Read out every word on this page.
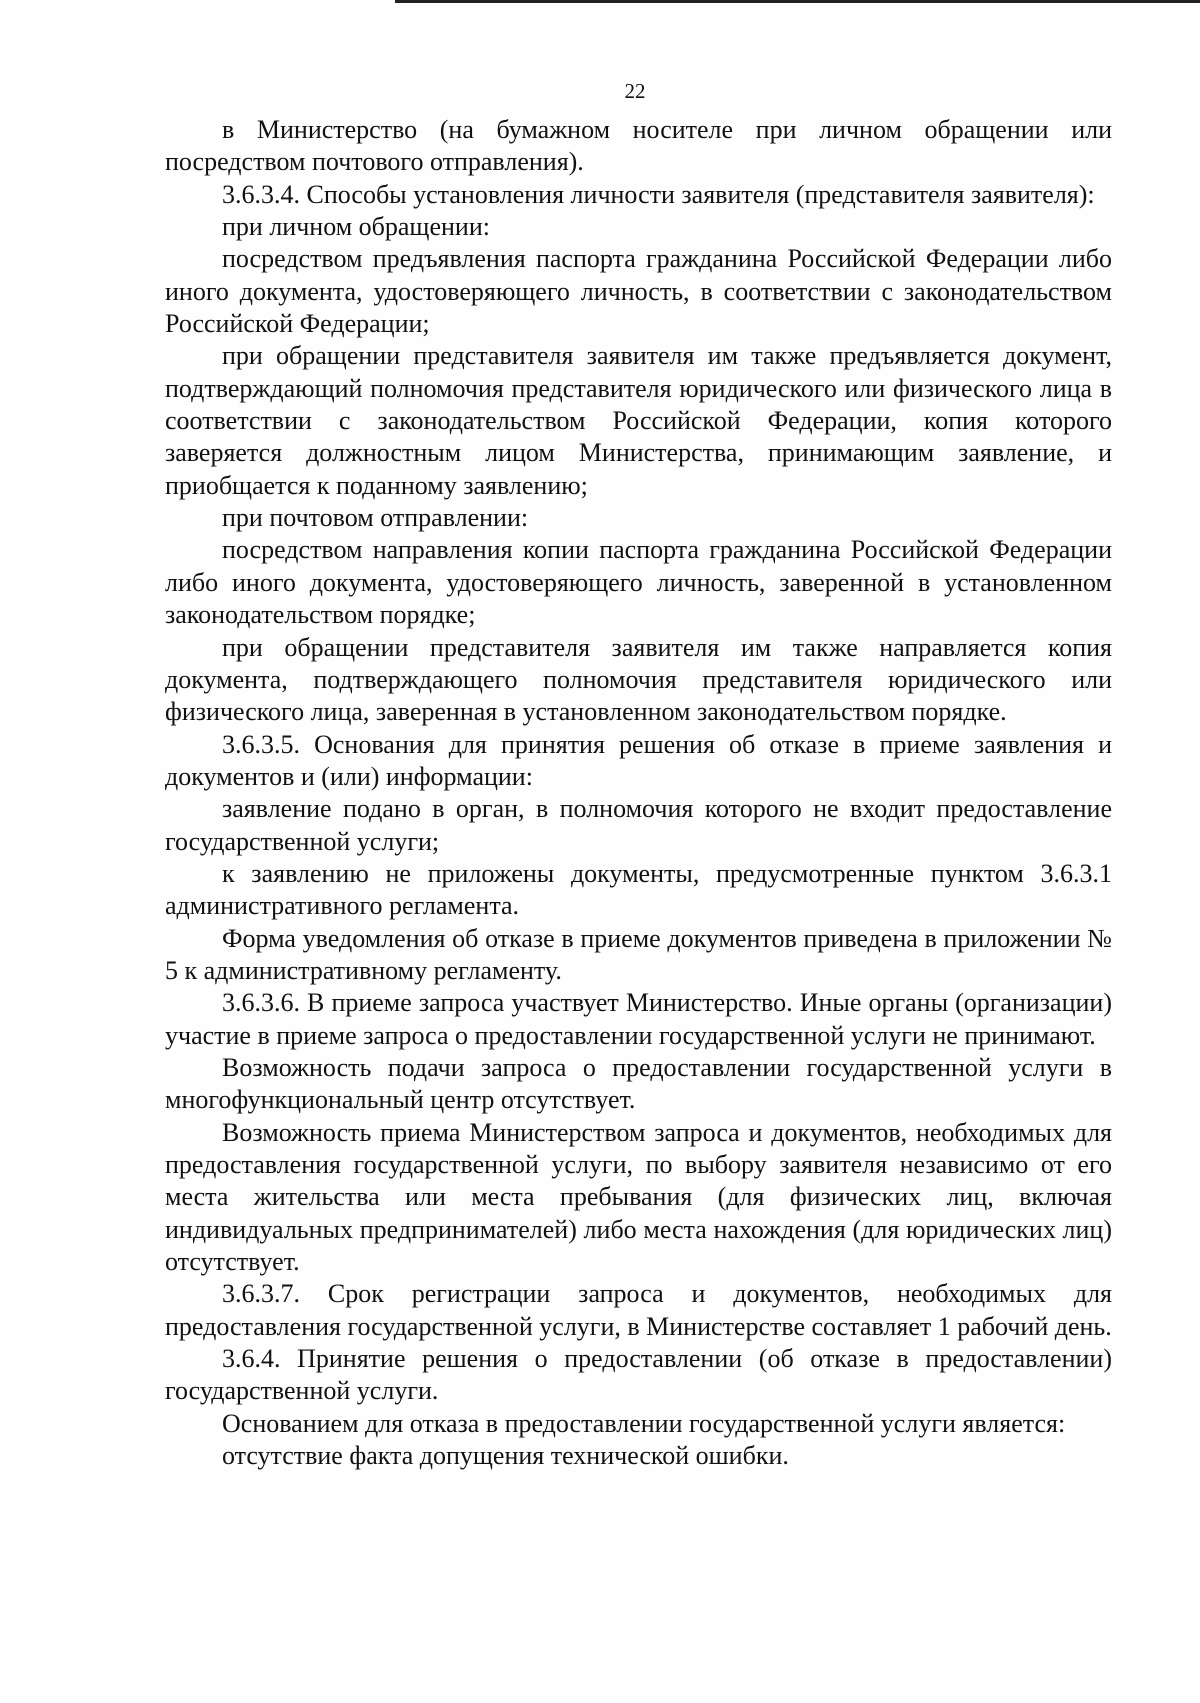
22

в Министерство (на бумажном носителе при личном обращении или посредством почтового отправления).

3.6.3.4. Способы установления личности заявителя (представителя заявителя):

при личном обращении:

посредством предъявления паспорта гражданина Российской Федерации либо иного документа, удостоверяющего личность, в соответствии с законодательством Российской Федерации;

при обращении представителя заявителя им также предъявляется документ, подтверждающий полномочия представителя юридического или физического лица в соответствии с законодательством Российской Федерации, копия которого заверяется должностным лицом Министерства, принимающим заявление, и приобщается к поданному заявлению;

при почтовом отправлении:

посредством направления копии паспорта гражданина Российской Федерации либо иного документа, удостоверяющего личность, заверенной в установленном законодательством порядке;

при обращении представителя заявителя им также направляется копия документа, подтверждающего полномочия представителя юридического или физического лица, заверенная в установленном законодательством порядке.

3.6.3.5. Основания для принятия решения об отказе в приеме заявления и документов и (или) информации:

заявление подано в орган, в полномочия которого не входит предоставление государственной услуги;

к заявлению не приложены документы, предусмотренные пунктом 3.6.3.1 административного регламента.

Форма уведомления об отказе в приеме документов приведена в приложении № 5 к административному регламенту.

3.6.3.6. В приеме запроса участвует Министерство. Иные органы (организации) участие в приеме запроса о предоставлении государственной услуги не принимают.

Возможность подачи запроса о предоставлении государственной услуги в многофункциональный центр отсутствует.

Возможность приема Министерством запроса и документов, необходимых для предоставления государственной услуги, по выбору заявителя независимо от его места жительства или места пребывания (для физических лиц, включая индивидуальных предпринимателей) либо места нахождения (для юридических лиц) отсутствует.

3.6.3.7. Срок регистрации запроса и документов, необходимых для предоставления государственной услуги, в Министерстве составляет 1 рабочий день.

3.6.4. Принятие решения о предоставлении (об отказе в предоставлении) государственной услуги.

Основанием для отказа в предоставлении государственной услуги является:

отсутствие факта допущения технической ошибки.
